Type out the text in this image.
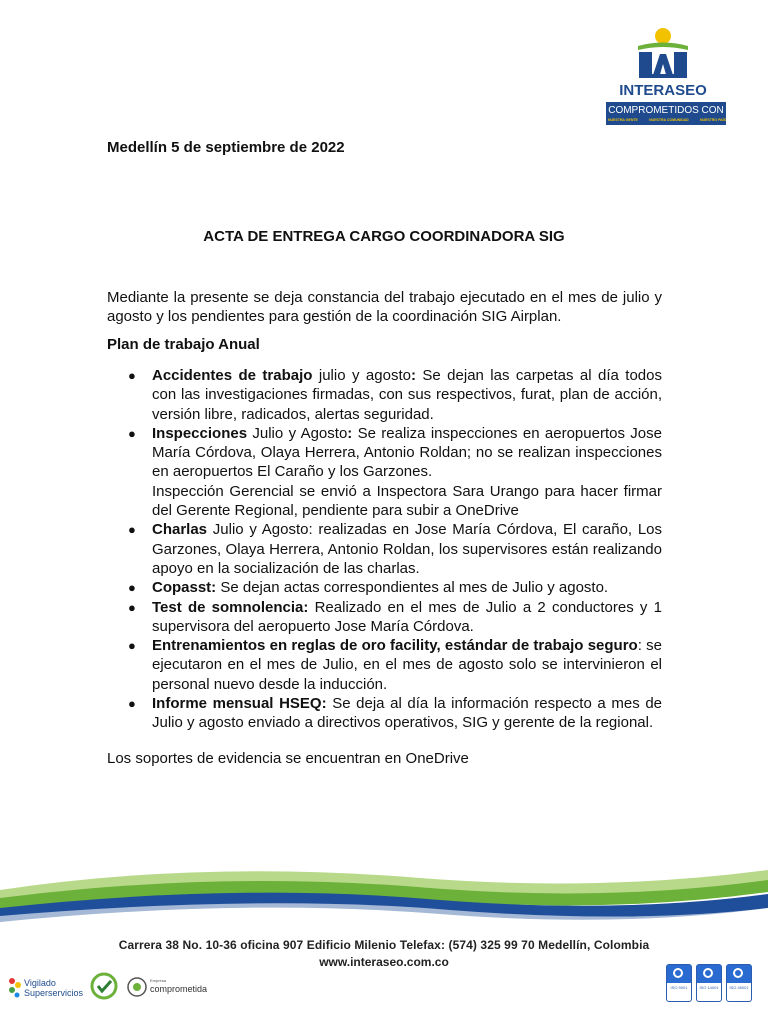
INTERASEO
COMPROMETIDOS CON
NUESTRA GENTE	NUESTRA COMUNIDAD	NUESTRO PAÍS
Medellín 5 de septiembre de 2022
ACTA DE ENTREGA CARGO COORDINADORA SIG
Mediante la presente se deja constancia del trabajo ejecutado en el mes de julio y agosto y los pendientes para gestión de la coordinación SIG Airplan.
Plan de trabajo Anual
● Accidentes de trabajo julio y agosto: Se dejan las carpetas al día todos con las investigaciones firmadas, con sus respectivos, furat, plan de acción, versión libre, radicados, alertas seguridad.
● Inspecciones Julio y Agosto: Se realiza inspecciones en aeropuertos Jose María Córdova, Olaya Herrera, Antonio Roldan; no se realizan inspecciones en aeropuertos El Caraño y los Garzones.
Inspección Gerencial se envió a Inspectora Sara Urango para hacer firmar del Gerente Regional, pendiente para subir a OneDrive
● Charlas Julio y Agosto: realizadas en Jose María Córdova, El caraño, Los Garzones, Olaya Herrera, Antonio Roldan, los supervisores están realizando apoyo en la socialización de las charlas.
● Copasst: Se dejan actas correspondientes al mes de Julio y agosto.
● Test de somnolencia: Realizado en el mes de Julio a 2 conductores y 1 supervisora del aeropuerto Jose María Córdova.
● Entrenamientos en reglas de oro facility, estándar de trabajo seguro: se ejecutaron en el mes de Julio, en el mes de agosto solo se intervinieron el personal nuevo desde la inducción.
● Informe mensual HSEQ: Se deja al día la información respecto a mes de Julio y agosto enviado a directivos operativos, SIG y gerente de la regional.
Los soportes de evidencia se encuentran en OneDrive
Carrera 38 No. 10-36 oficina 907 Edificio Milenio Telefax: (574) 325 99 70 Medellín, Colombia
www.interaseo.com.co
Vigilado
Superservicios
Empresa
comprometida	ISO 9001	ISO 14001	ISO 45001
